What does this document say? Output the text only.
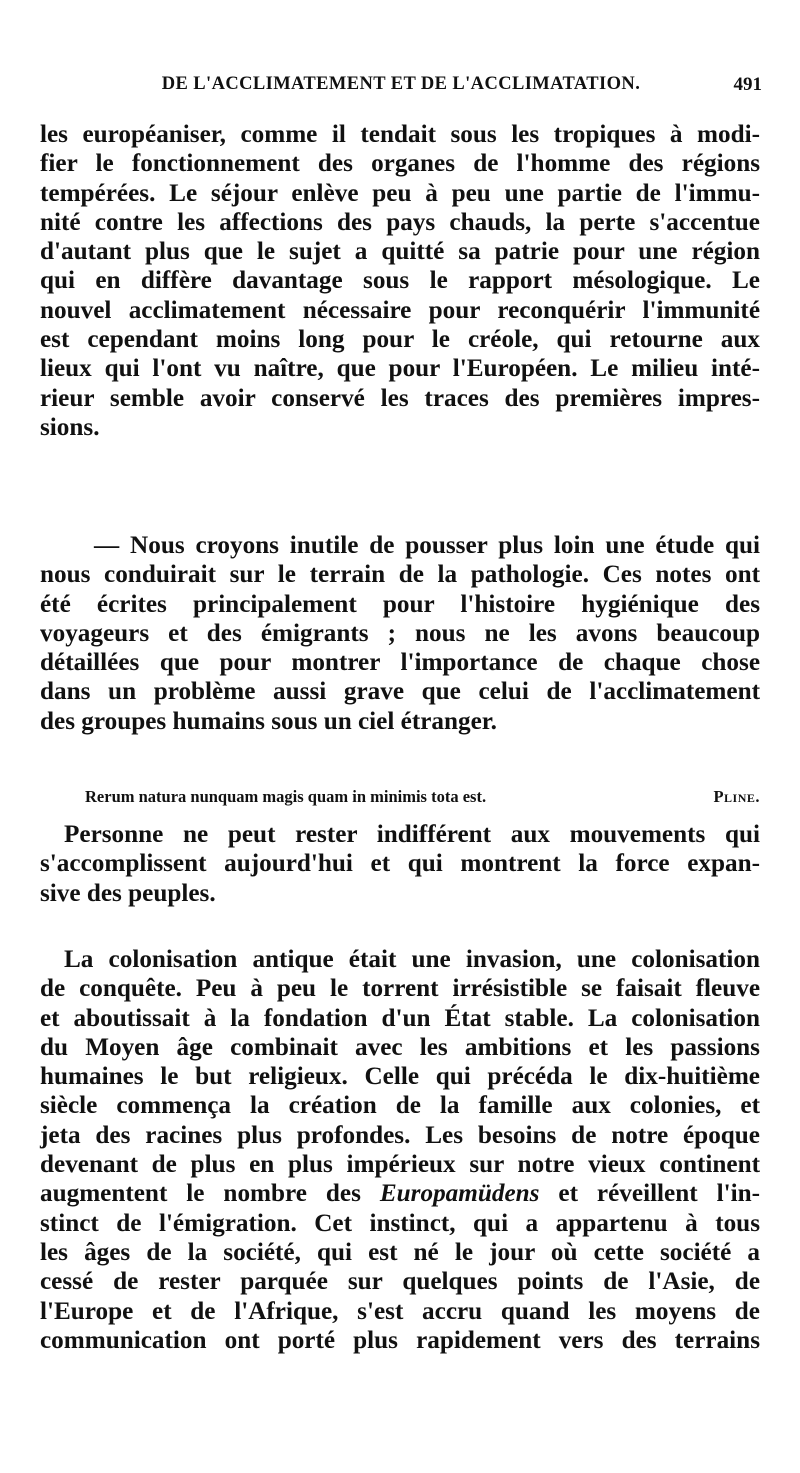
DE L'ACCLIMATEMENT ET DE L'ACCLIMATATION.	491
les européaniser, comme il tendait sous les tropiques à modi-
fier le fonctionnement des organes de l'homme des régions
tempérées. Le séjour enlève peu à peu une partie de l'immu-
nité contre les affections des pays chauds, la perte s'accentue
d'autant plus que le sujet a quitté sa patrie pour une région
qui en diffère davantage sous le rapport mésologique. Le
nouvel acclimatement nécessaire pour reconquérir l'immunité
est cependant moins long pour le créole, qui retourne aux
lieux qui l'ont vu naître, que pour l'Européen. Le milieu inté-
rieur semble avoir conservé les traces des premières impres-
sions.
— Nous croyons inutile de pousser plus loin une étude qui
nous conduirait sur le terrain de la pathologie. Ces notes ont
été écrites principalement pour l'histoire hygiénique des
voyageurs et des émigrants ; nous ne les avons beaucoup
détaillées que pour montrer l'importance de chaque chose
dans un problème aussi grave que celui de l'acclimatement
des groupes humains sous un ciel étranger.
Rerum natura nunquam magis quam in minimis tota est.	Pline.
Personne ne peut rester indifférent aux mouvements qui
s'accomplissent aujourd'hui et qui montrent la force expan-
sive des peuples.
La colonisation antique était une invasion, une colonisation
de conquête. Peu à peu le torrent irrésistible se faisait fleuve
et aboutissait à la fondation d'un État stable. La colonisation
du Moyen âge combinait avec les ambitions et les passions
humaines le but religieux. Celle qui précéda le dix-huitième
siècle commença la création de la famille aux colonies, et
jeta des racines plus profondes. Les besoins de notre époque
devenant de plus en plus impérieux sur notre vieux continent
augmentent le nombre des Europamüdens et réveillent l'in-
stinct de l'émigration. Cet instinct, qui a appartenu à tous
les âges de la société, qui est né le jour où cette société a
cessé de rester parquée sur quelques points de l'Asie, de
l'Europe et de l'Afrique, s'est accru quand les moyens de
communication ont porté plus rapidement vers des terrains
